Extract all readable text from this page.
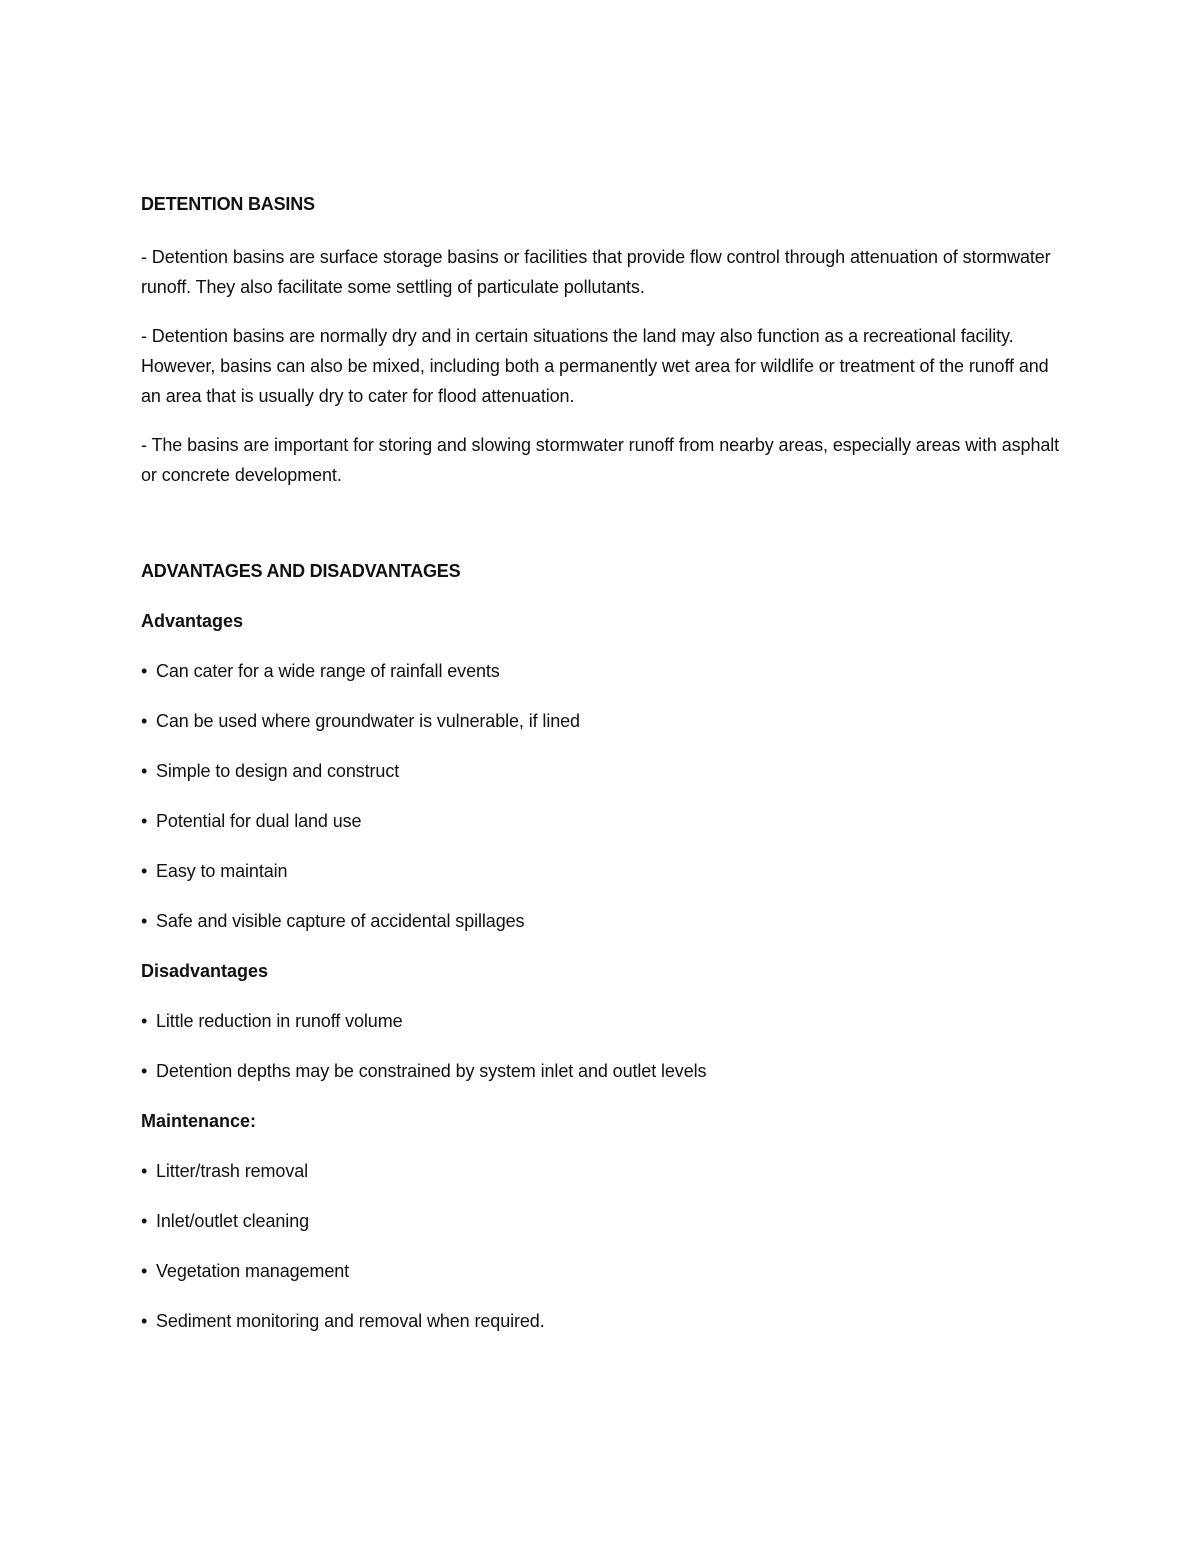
DETENTION BASINS

- Detention basins are surface storage basins or facilities that provide flow control through attenuation of stormwater runoff. They also facilitate some settling of particulate pollutants.

- Detention basins are normally dry and in certain situations the land may also function as a recreational facility. However, basins can also be mixed, including both a permanently wet area for wildlife or treatment of the runoff and an area that is usually dry to cater for flood attenuation.

- The basins are important for storing and slowing stormwater runoff from nearby areas, especially areas with asphalt or concrete development.

ADVANTAGES AND DISADVANTAGES
Advantages
• Can cater for a wide range of rainfall events
• Can be used where groundwater is vulnerable, if lined
• Simple to design and construct
• Potential for dual land use
• Easy to maintain
• Safe and visible capture of accidental spillages
Disadvantages
• Little reduction in runoff volume
• Detention depths may be constrained by system inlet and outlet levels
Maintenance:
• Litter/trash removal
• Inlet/outlet cleaning
• Vegetation management
• Sediment monitoring and removal when required.
